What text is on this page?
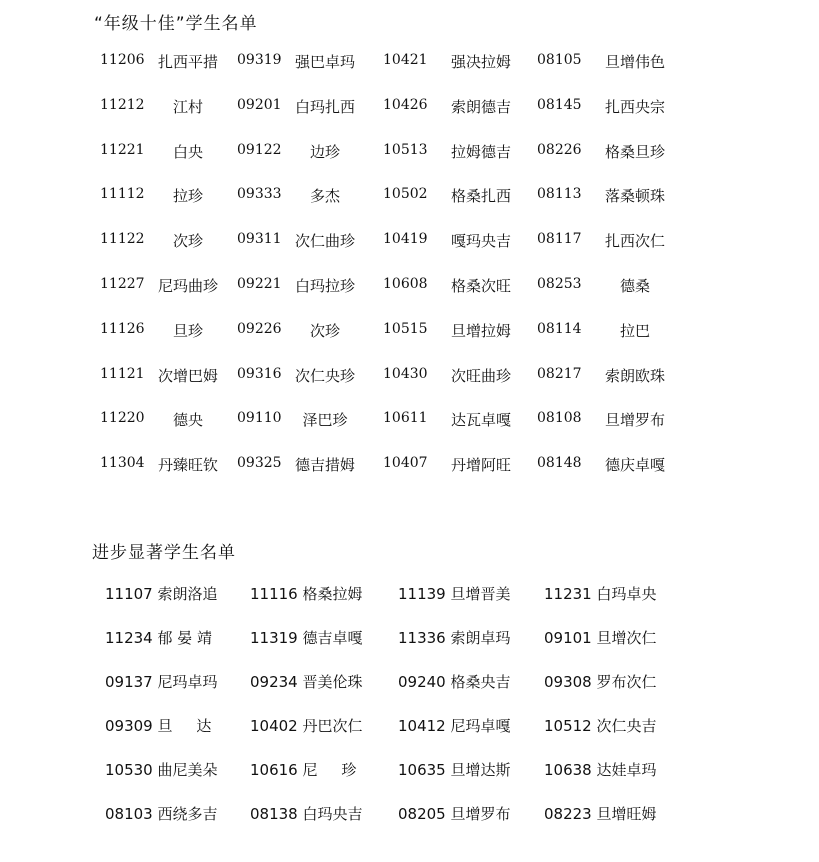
“年级十佳”学生名单
11206 扎西平措	09319 强巴卓玛	10421	强决拉姆	08105	旦增伟色
11212	江村	09201 白玛扎西	10426	索朗德吉	08145	扎西央宗
11221	白央	09122	边珍	10513	拉姆德吉	08226	格桑旦珍
11112	拉珍	09333	多杰	10502	格桑扎西	08113	落桑顿珠
11122	次珍	09311 次仁曲珍	10419	嘎玛央吉	08117	扎西次仁
11227 尼玛曲珍	09221 白玛拉珍	10608	格桑次旺	08253	德桑
11126	旦珍	09226	次珍	10515	旦增拉姆	08114	拉巴
11121 次增巴姆	09316 次仁央珍	10430	次旺曲珍	08217	索朗欧珠
11220	德央	09110	泽巴珍	10611	达瓦卓嘎	08108	旦增罗布
11304 丹臻旺钦	09325 德吉措姆	10407	丹增阿旺	08148	德庆卓嘎
进步显著学生名单
11107 索朗洛追 11116 格桑拉姆 11139 旦增晋美 11231 白玛卓央
11234 郁 晏 靖	11319 德吉卓嘎 11336 索朗卓玛 09101 旦增次仁
09137 尼玛卓玛 09234 晋美伦珠 09240 格桑央吉 09308 罗布次仁
09309 旦     达	10402 丹巴次仁 10412 尼玛卓嘎 10512 次仁央吉
10530 曲尼美朵 10616 尼     珍	10635 旦增达斯 10638 达娃卓玛
08103 西绕多吉 08138 白玛央吉 08205 旦增罗布 08223 旦增旺姆
